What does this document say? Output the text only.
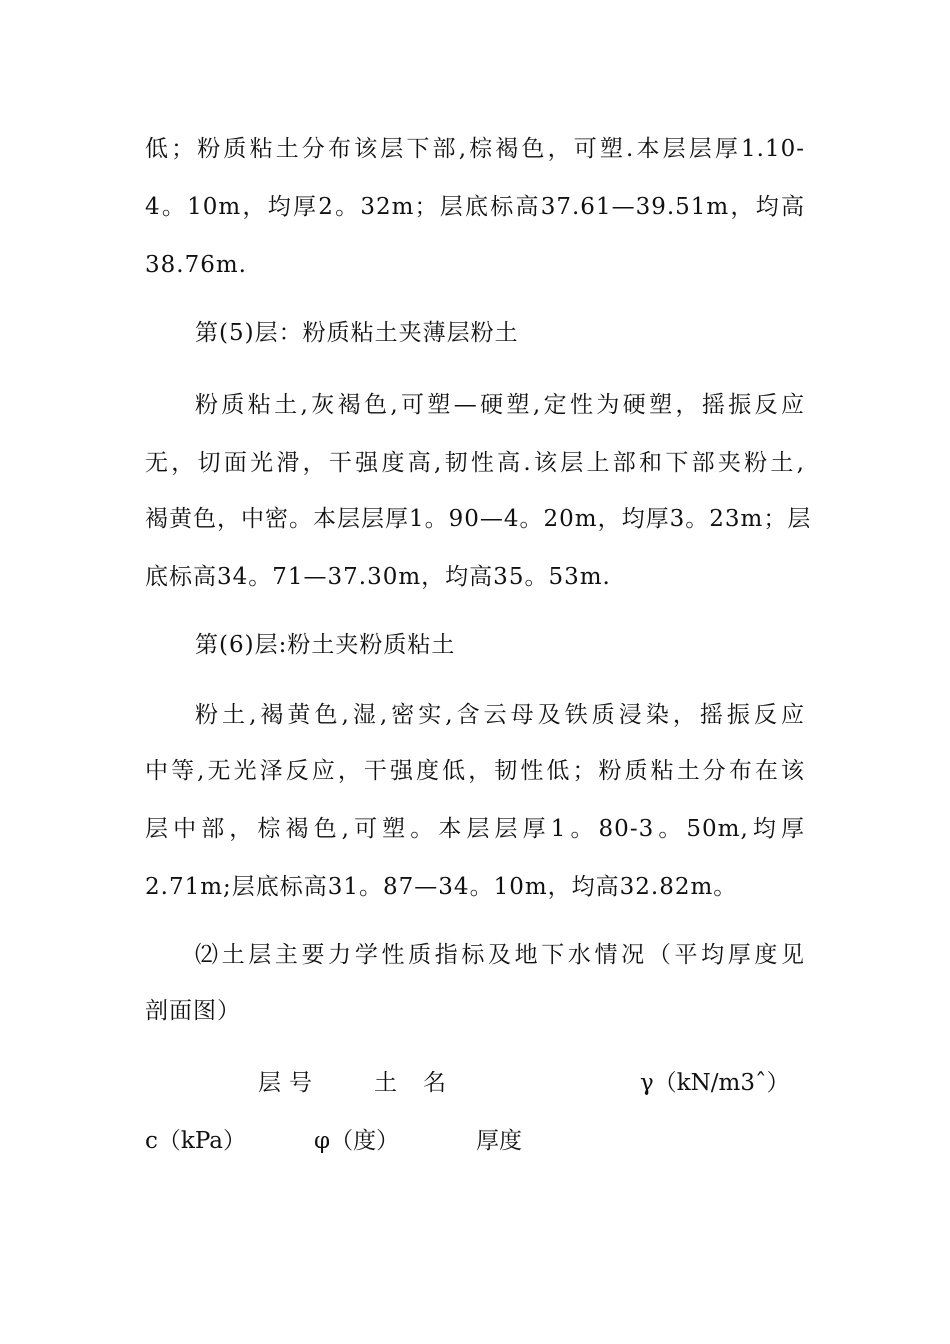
低；粉质粘土分布该层下部,棕褐色，可塑.本层层厚1.10-
4。10m，均厚2。32m；层底标高37.61—39.51m，均高
38.76m.
第(5)层：粉质粘土夹薄层粉土
粉质粘土,灰褐色,可塑—硬塑,定性为硬塑，摇振反应
无，切面光滑，干强度高,韧性高.该层上部和下部夹粉土,
褐黄色，中密。本层层厚1。90—4。20m，均厚3。23m；层
底标高34。71—37.30m，均高35。53m.
第(6)层:粉土夹粉质粘土
粉土,褐黄色,湿,密实,含云母及铁质浸染，摇振反应
中等,无光泽反应，干强度低，韧性低；粉质粘土分布在该
层中部，棕褐色,可塑。本层层厚1。80-3。50m,均厚
2.71m;层底标高31。87—34。10m，均高32.82m。
⑵土层主要力学性质指标及地下水情况（平均厚度见
剖面图）
层号 土名	γ（kN/m3ˆ）
c（kPa）	φ（度）	厚度
